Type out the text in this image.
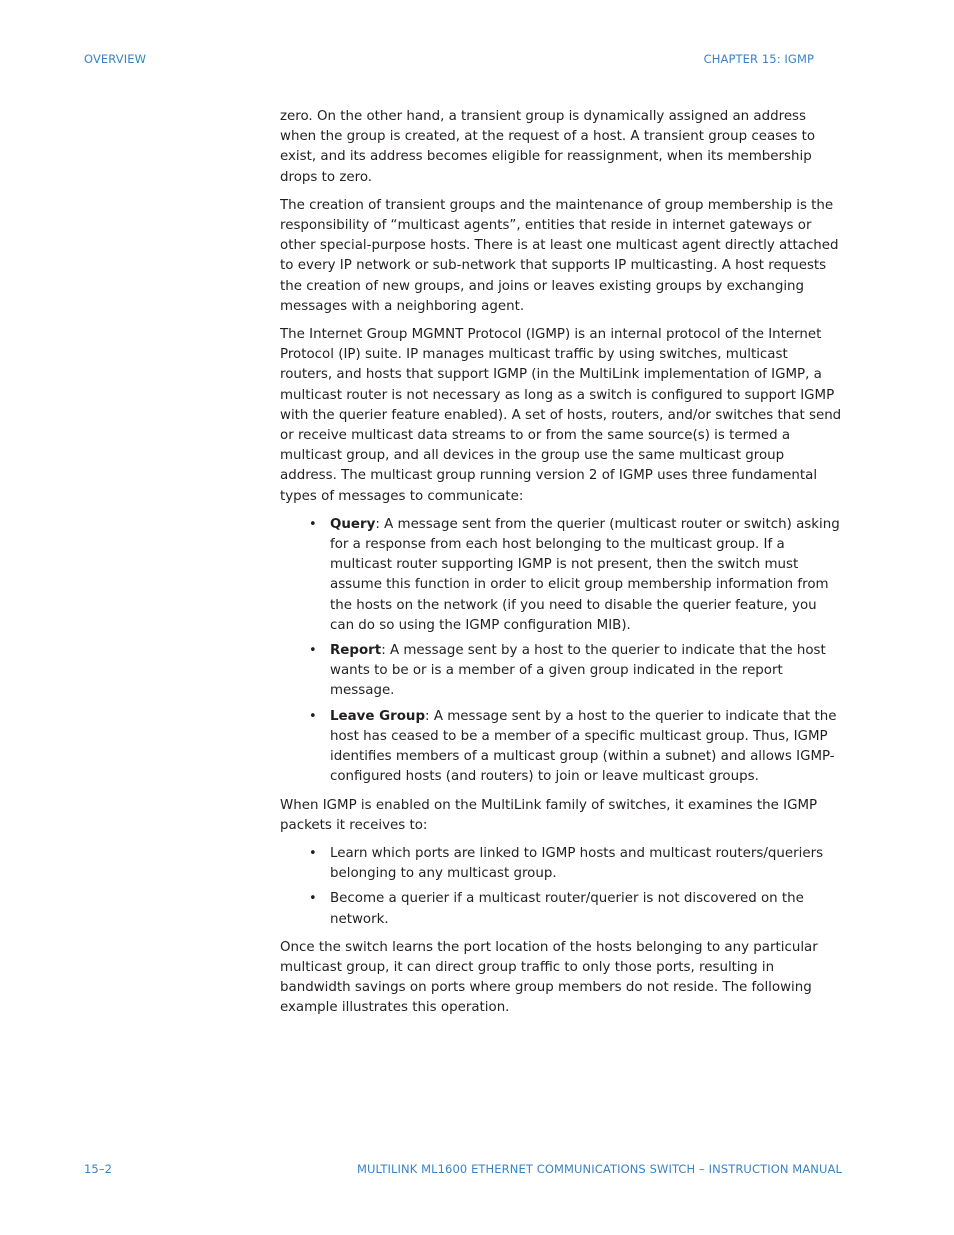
OVERVIEW	CHAPTER 15: IGMP

zero. On the other hand, a transient group is dynamically assigned an address when the group is created, at the request of a host. A transient group ceases to exist, and its address becomes eligible for reassignment, when its membership drops to zero.

The creation of transient groups and the maintenance of group membership is the responsibility of “multicast agents”, entities that reside in internet gateways or other special-purpose hosts. There is at least one multicast agent directly attached to every IP network or sub-network that supports IP multicasting. A host requests the creation of new groups, and joins or leaves existing groups by exchanging messages with a neighboring agent.

The Internet Group MGMNT Protocol (IGMP) is an internal protocol of the Internet Protocol (IP) suite. IP manages multicast traffic by using switches, multicast routers, and hosts that support IGMP (in the MultiLink implementation of IGMP, a multicast router is not necessary as long as a switch is configured to support IGMP with the querier feature enabled). A set of hosts, routers, and/or switches that send or receive multicast data streams to or from the same source(s) is termed a multicast group, and all devices in the group use the same multicast group address. The multicast group running version 2 of IGMP uses three fundamental types of messages to communicate:

• Query: A message sent from the querier (multicast router or switch) asking for a response from each host belonging to the multicast group. If a multicast router supporting IGMP is not present, then the switch must assume this function in order to elicit group membership information from the hosts on the network (if you need to disable the querier feature, you can do so using the IGMP configuration MIB).
• Report: A message sent by a host to the querier to indicate that the host wants to be or is a member of a given group indicated in the report message.
• Leave Group: A message sent by a host to the querier to indicate that the host has ceased to be a member of a specific multicast group. Thus, IGMP identifies members of a multicast group (within a subnet) and allows IGMP-configured hosts (and routers) to join or leave multicast groups.

When IGMP is enabled on the MultiLink family of switches, it examines the IGMP packets it receives to:

• Learn which ports are linked to IGMP hosts and multicast routers/queriers belonging to any multicast group.
• Become a querier if a multicast router/querier is not discovered on the network.

Once the switch learns the port location of the hosts belonging to any particular multicast group, it can direct group traffic to only those ports, resulting in bandwidth savings on ports where group members do not reside. The following example illustrates this operation.

15–2	MULTILINK ML1600 ETHERNET COMMUNICATIONS SWITCH – INSTRUCTION MANUAL
